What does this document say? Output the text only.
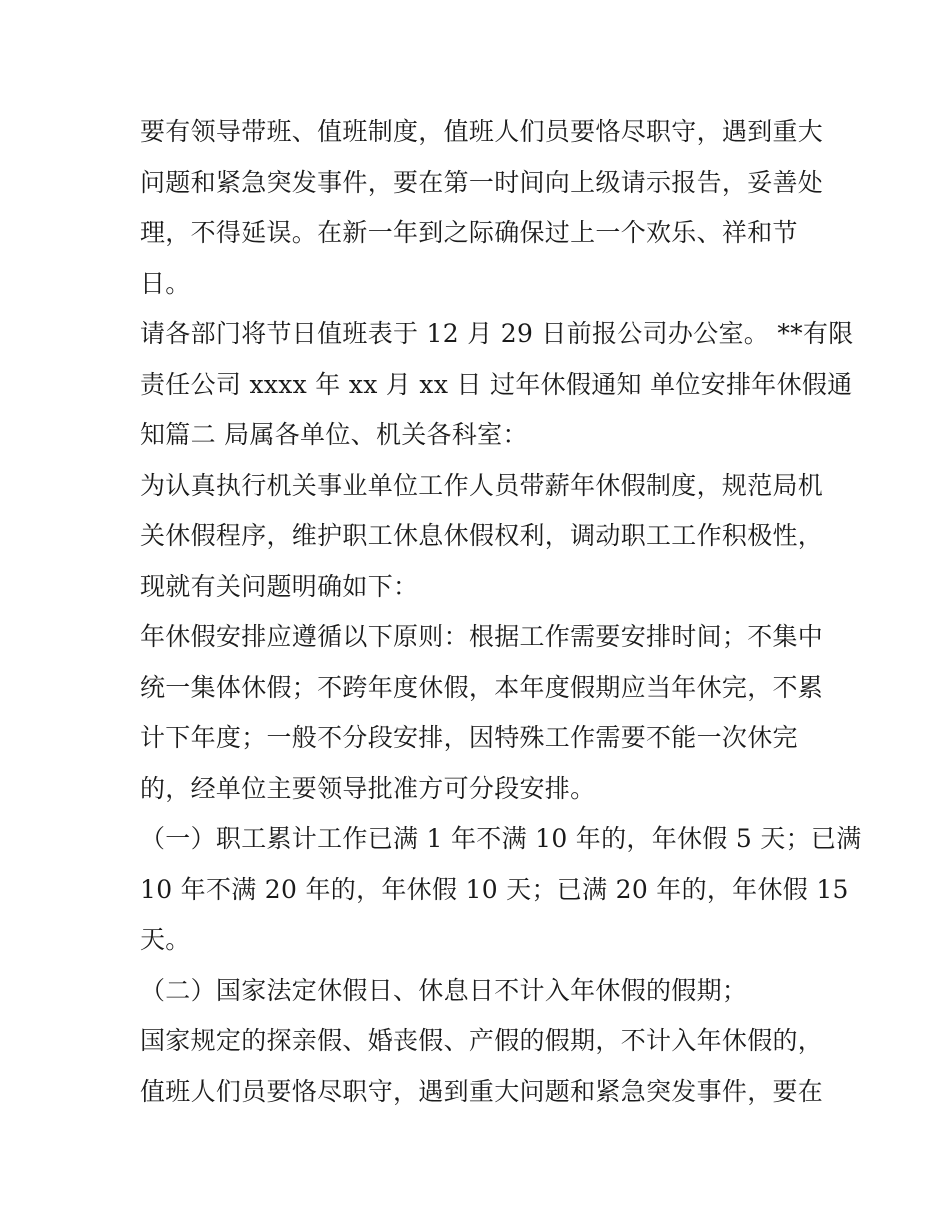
要有领导带班、值班制度，值班人们员要恪尽职守，遇到重大
问题和紧急突发事件，要在第一时间向上级请示报告，妥善处
理，不得延误。在新一年到之际确保过上一个欢乐、祥和节
日。
请各部门将节日值班表于 12 月 29 日前报公司办公室。 **有限
责任公司 xxxx 年 xx 月 xx 日 过年休假通知 单位安排年休假通
知篇二 局属各单位、机关各科室：
为认真执行机关事业单位工作人员带薪年休假制度，规范局机
关休假程序，维护职工休息休假权利，调动职工工作积极性，
现就有关问题明确如下：
年休假安排应遵循以下原则：根据工作需要安排时间；不集中
统一集体休假；不跨年度休假，本年度假期应当年休完，不累
计下年度；一般不分段安排，因特殊工作需要不能一次休完
的，经单位主要领导批准方可分段安排。
（一）职工累计工作已满 1 年不满 10 年的，年休假 5 天；已满
10 年不满 20 年的，年休假 10 天；已满 20 年的，年休假 15
天。
（二）国家法定休假日、休息日不计入年休假的假期；
国家规定的探亲假、婚丧假、产假的假期，不计入年休假的，
值班人们员要恪尽职守，遇到重大问题和紧急突发事件，要在
